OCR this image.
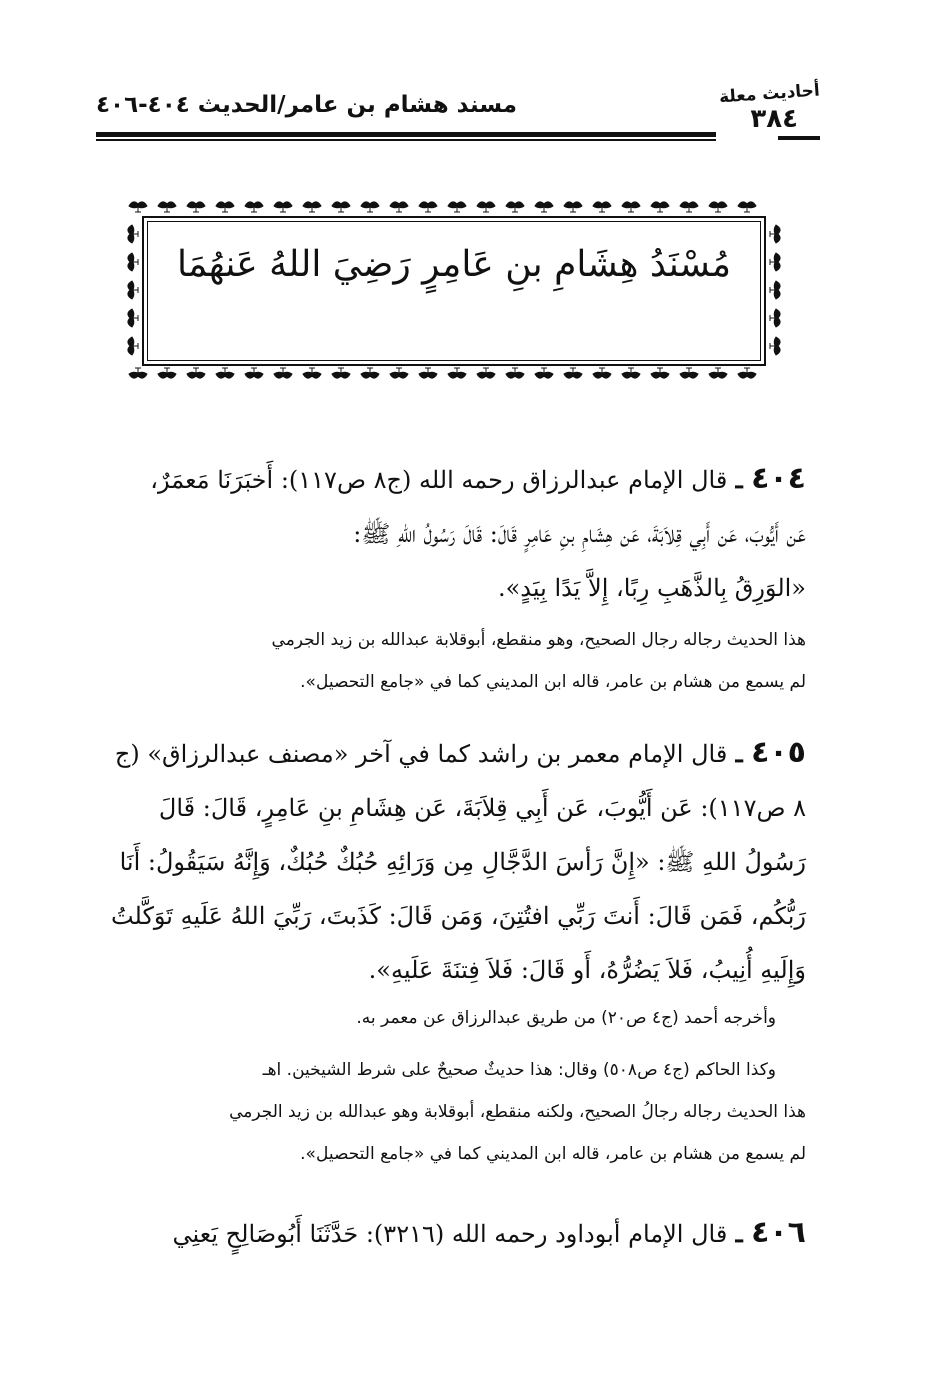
أحاديث معلة
مسند هشام بن عامر/الحديث ٤٠٤-٤٠٦	٣٨٤
مُسْنَدُ هِشَامِ بنِ عَامِرٍ رَضِيَ اللهُ عَنهُمَا
٤٠٤ ـ قال الإمام عبدالرزاق رحمه الله (ج٨ ص١١٧): أَخبَرَنَا مَعمَرٌ،
عَن أَيُّوبَ، عَن أَبِي قِلاَبَةَ، عَن هِشَامِ بنِ عَامِرٍ قَالَ: قَالَ رَسُولُ اللهِ ﷺ:
«الوَرِقُ بِالذَّهَبِ رِبًا، إِلاَّ يَدًا بِيَدٍ».
هذا الحديث رجاله رجال الصحيح، وهو منقطع، أبوقلابة عبدالله بن زيد الجرمي
لم يسمع من هشام بن عامر، قاله ابن المديني كما في «جامع التحصيل».
٤٠٥ ـ قال الإمام معمر بن راشد كما في آخر «مصنف عبدالرزاق» (ج
٨ ص١١٧): عَن أَيُّوبَ، عَن أَبِي قِلاَبَةَ، عَن هِشَامِ بنِ عَامِرٍ، قَالَ: قَالَ
رَسُولُ اللهِ ﷺ: «إِنَّ رَأسَ الدَّجَّالِ مِن وَرَائِهِ حُبُكٌ حُبُكٌ، وَإِنَّهُ سَيَقُولُ: أَنَا
رَبُّكُم، فَمَن قَالَ: أَنتَ رَبِّي افتُتِنَ، وَمَن قَالَ: كَذَبتَ، رَبِّيَ اللهُ عَلَيهِ تَوَكَّلتُ
وَإِلَيهِ أُنِيبُ، فَلاَ يَضُرُّهُ، أَو قَالَ: فَلاَ فِتنَةَ عَلَيهِ».
وأخرجه أحمد (ج٤ ص٢٠) من طريق عبدالرزاق عن معمر به.
وكذا الحاكم (ج٤ ص٥٠٨) وقال: هذا حديثٌ صحيحٌ على شرط الشيخين. اهـ
هذا الحديث رجاله رجالُ الصحيح، ولكنه منقطع، أبوقلابة وهو عبدالله بن زيد الجرمي
لم يسمع من هشام بن عامر، قاله ابن المديني كما في «جامع التحصيل».
٤٠٦ ـ قال الإمام أبوداود رحمه الله (٣٢١٦): حَدَّثَنَا أَبُوصَالِحٍ يَعنِي
